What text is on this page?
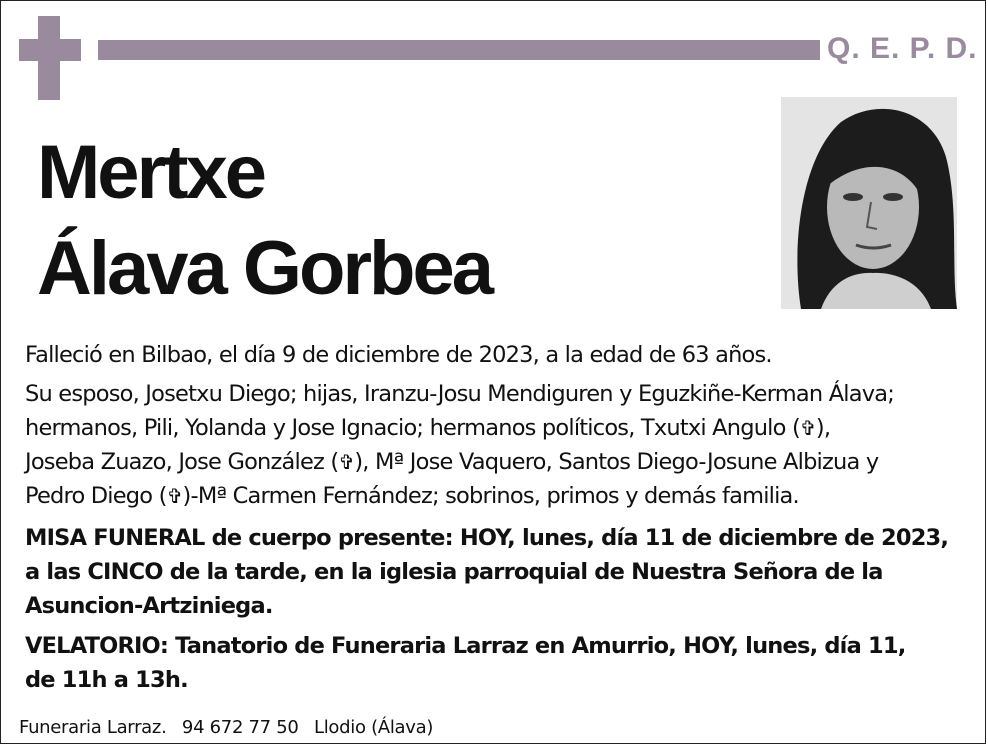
Q. E. P. D.
Mertxe
Álava Gorbea

Falleció en Bilbao, el día 9 de diciembre de 2023, a la edad de 63 años.

Su esposo, Josetxu Diego; hijas, Iranzu-Josu Mendiguren y Eguzkiñe-Kerman Álava;
hermanos, Pili, Yolanda y Jose Ignacio; hermanos políticos, Txutxi Angulo (✞),
Joseba Zuazo, Jose González (✞), Mª Jose Vaquero, Santos Diego-Josune Albizua y
Pedro Diego (✞)-Mª Carmen Fernández; sobrinos, primos y demás familia.
MISA FUNERAL de cuerpo presente: HOY, lunes, día 11 de diciembre de 2023,
a las CINCO de la tarde, en la iglesia parroquial de Nuestra Señora de la
Asuncion-Artziniega.
VELATORIO: Tanatorio de Funeraria Larraz en Amurrio, HOY, lunes, día 11,
de 11h a 13h.
Funeraria Larraz. 94 672 77 50 Llodio (Álava)
